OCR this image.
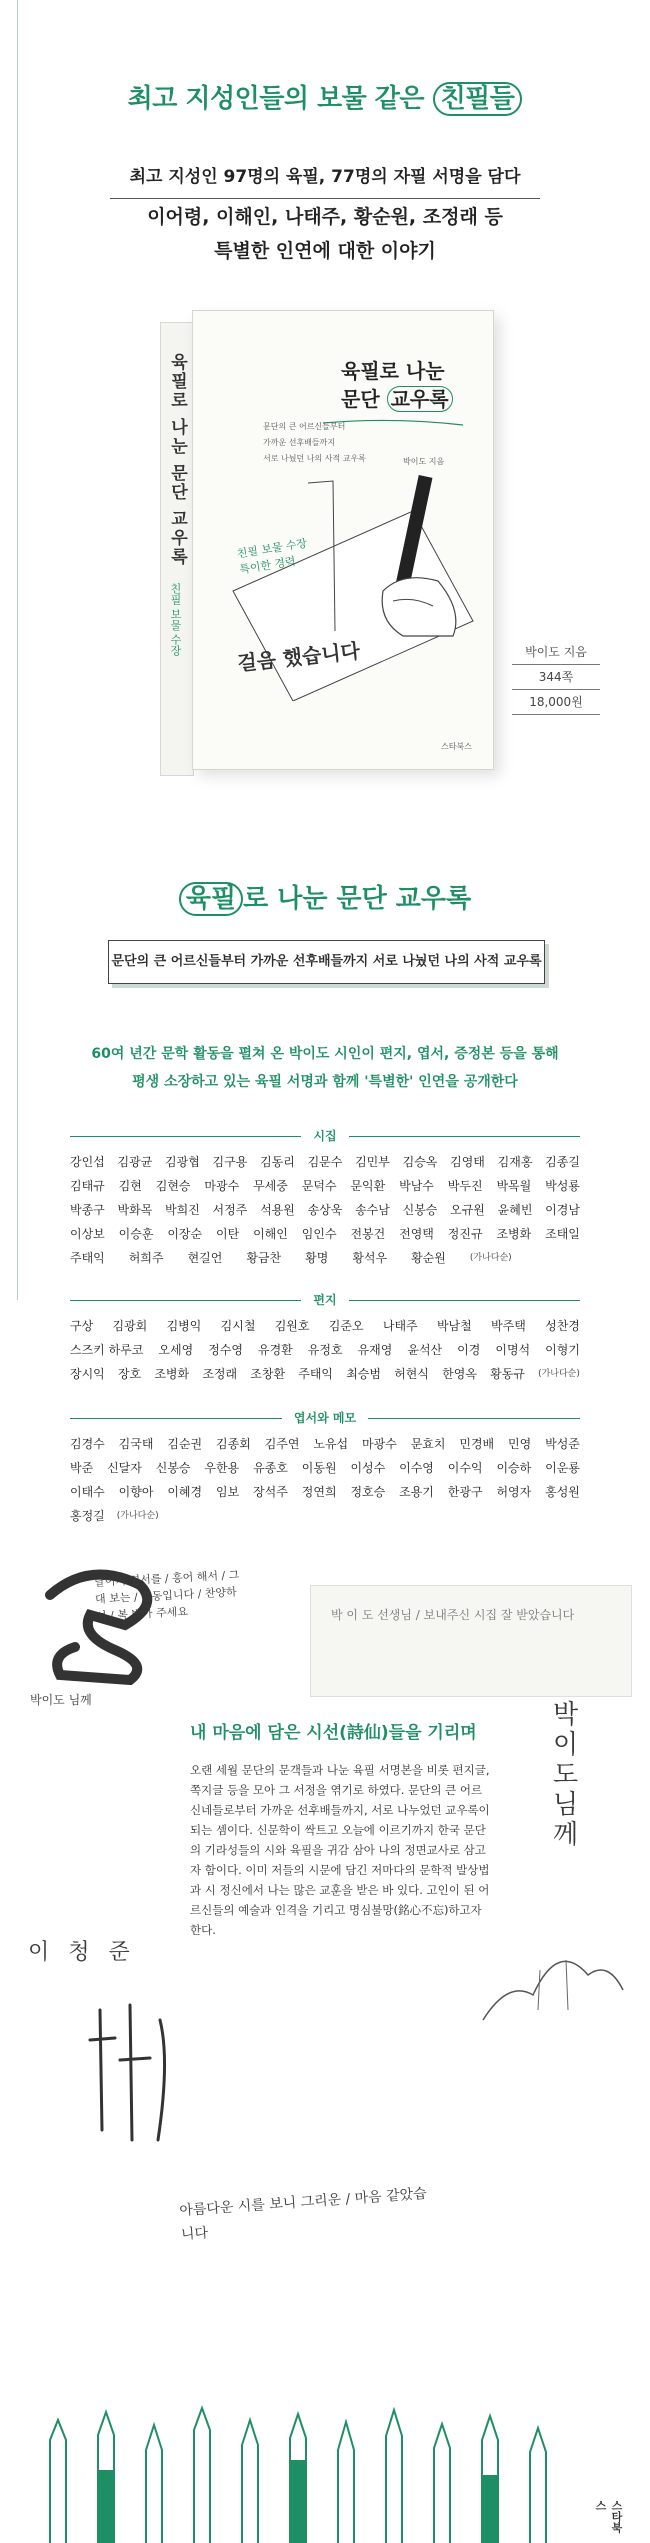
최고 지성인들의 보물 같은 친필들
최고 지성인 97명의 육필, 77명의 자필 서명을 담다
이어령, 이해인, 나태주, 황순원, 조정래 등
특별한 인연에 대한 이야기
육필로 나눈 문단 교우록
친필 보물 수장
육필로 나눈
문단 교우록
문단의 큰 어르신들부터
가까운 선후배들까지
서로 나눴던 나의 사적 교우록	박이도 지음
친필 보물 수장
특이한 경력
걸음 했습니다
스타북스
박이도 지음
344쪽
18,000원
육필 로 나눈 문단 교우록
문단의 큰 어르신들부터 가까운 선후배들까지 서로 나눴던 나의 사적 교우록
60여 년간 문학 활동을 펼쳐 온 박이도 시인이 편지, 엽서, 증정본 등을 통해
평생 소장하고 있는 육필 서명과 함께 '특별한' 인연을 공개한다
시집
강인섭 김광균 김광협 김구용 김동리 김문수 김민부 김승옥 김영태 김재홍 김종길
김태규 김현 김현승 마광수 무세중 문덕수 문익환 박남수 박두진 박목월 박성룡
박종구 박화목 박희진 서정주 석용원 송상욱 송수남 신봉승 오규원 윤혜빈 이경남
이상보 이승훈 이장순 이탄 이해인 임인수 전봉건 전영택 정진규 조병화 조태일
주태익 허희주 현길언 황금찬 황명 황석우 황순원	(가나다순)
편지
구상 김광회 김병익 김시철 김원호 김준오 나태주 박남철 박주택 성찬경
스즈키 하루코 오세영 정수영 유경환 유정호 유재영 윤석산 이경 이명석 이형기
장시익 장호 조병화 조정래 조창환 주태익 최승범 허현식 한영옥 황동규 (가나다순)
엽서와 메모
김경수 김국태 김순권 김종회 김주연 노유섭 마광수 문효치 민경배 민영 박성준
박준 신달자 신봉승 우한용 유종호 이동원 이성수 이수영 이수익 이승하 이운룡
이태수 이향아 이혜경 임보 장석주 정연희 정호승 조용기 한광구 허영자 홍성원
홍정길 (가나다순)
날이지 엽서를 / 흥어 해서 / 그대 보는 / 감동입니다 / 찬양하셔 / 복 받아 주세요	박 이 도 선생님 / 보내주신 시집 잘 받았습니다
박이도 님께
이 청 준
박이도님께
아름다운 시를 보니 그리운 / 마음 같았습니다
내 마음에 담은 시선(詩仙)들을 기리며
오랜 세월 문단의 문객들과 나눈 육필 서명본을 비롯 편지글, 쪽지글 등을 모아 그 서정을 엮기로 하였다. 문단의 큰 어르신네들로부터 가까운 선후배들까지, 서로 나누었던 교우록이 되는 셈이다. 신문학이 싹트고 오늘에 이르기까지 한국 문단의 기라성들의 시와 육필을 귀감 삼아 나의 정면교사로 삼고자 함이다. 이미 저들의 시문에 담긴 저마다의 문학적 발상법과 시 정신에서 나는 많은 교훈을 받은 바 있다. 고인이 된 어르신들의 예술과 인격을 기리고 명심불망(銘心不忘)하고자 한다.
스타북스
